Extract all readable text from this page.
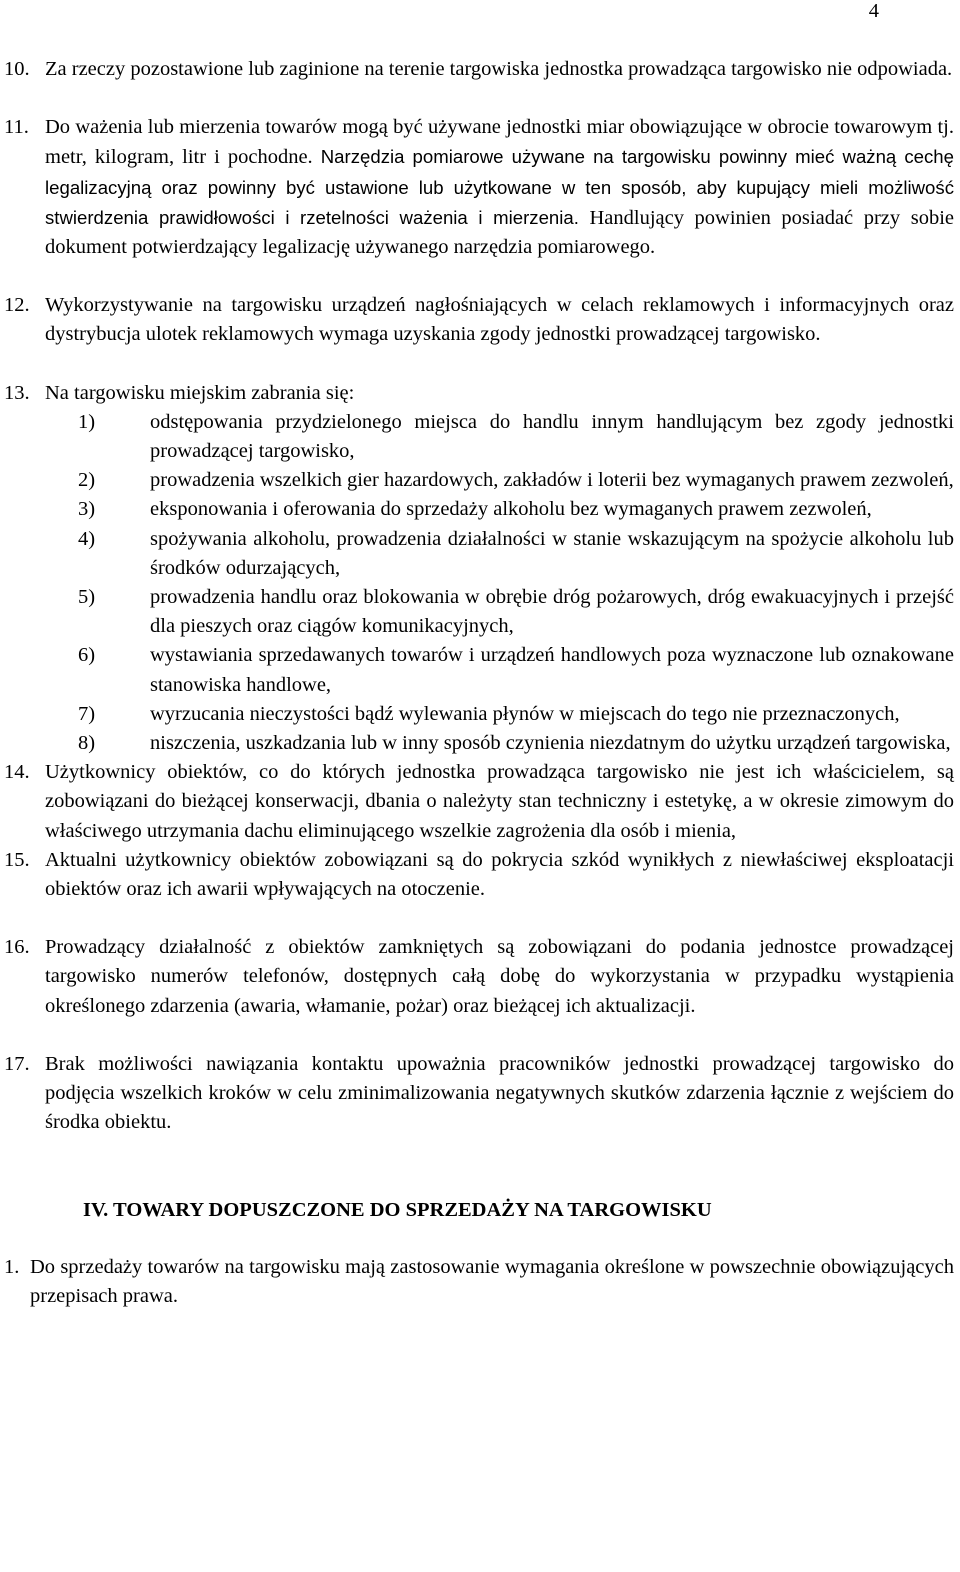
4
10. Za rzeczy pozostawione lub zaginione na terenie targowiska jednostka prowadząca targowisko nie odpowiada.
11. Do ważenia lub mierzenia towarów mogą być używane jednostki miar obowiązujące w obrocie towarowym tj. metr, kilogram, litr i pochodne. Narzędzia pomiarowe używane na targowisku powinny mieć ważną cechę legalizacyjną oraz powinny być ustawione lub użytkowane w ten sposób, aby kupujący mieli możliwość stwierdzenia prawidłowości i rzetelności ważenia i mierzenia. Handlujący powinien posiadać przy sobie dokument potwierdzający legalizację używanego narzędzia pomiarowego.
12. Wykorzystywanie na targowisku urządzeń nagłośniających w celach reklamowych i informacyjnych oraz dystrybucja ulotek reklamowych wymaga uzyskania zgody jednostki prowadzącej targowisko.
13. Na targowisku miejskim zabrania się:
1)	odstępowania przydzielonego miejsca do handlu innym handlującym bez zgody jednostki prowadzącej targowisko,
2)	prowadzenia wszelkich gier hazardowych, zakładów i loterii bez wymaganych prawem zezwoleń,
3)	eksponowania i oferowania do sprzedaży alkoholu bez wymaganych prawem zezwoleń,
4)	spożywania alkoholu, prowadzenia działalności w stanie wskazującym na spożycie alkoholu lub środków odurzających,
5)	prowadzenia handlu oraz blokowania w obrębie dróg pożarowych, dróg ewakuacyjnych i przejść dla pieszych oraz ciągów komunikacyjnych,
6)	wystawiania sprzedawanych towarów i urządzeń handlowych poza wyznaczone lub oznakowane stanowiska handlowe,
7)	wyrzucania nieczystości bądź wylewania płynów w miejscach do tego nie przeznaczonych,
8)	niszczenia, uszkadzania lub w inny sposób czynienia niezdatnym do użytku urządzeń targowiska,
14. Użytkownicy obiektów, co do których jednostka prowadząca targowisko nie jest ich właścicielem, są zobowiązani do bieżącej konserwacji, dbania o należyty stan techniczny i estetykę, a w okresie zimowym do właściwego utrzymania dachu eliminującego wszelkie zagrożenia dla osób i mienia,
15. Aktualni użytkownicy obiektów zobowiązani są do pokrycia szkód wynikłych z niewłaściwej eksploatacji obiektów oraz ich awarii wpływających na otoczenie.
16. Prowadzący działalność z obiektów zamkniętych są zobowiązani do podania jednostce prowadzącej targowisko numerów telefonów, dostępnych całą dobę do wykorzystania w przypadku wystąpienia określonego zdarzenia (awaria, włamanie, pożar) oraz bieżącej ich aktualizacji.
17. Brak możliwości nawiązania kontaktu upoważnia pracowników jednostki prowadzącej targowisko do podjęcia wszelkich kroków w celu zminimalizowania negatywnych skutków zdarzenia łącznie z wejściem do środka obiektu.
IV. TOWARY DOPUSZCZONE DO SPRZEDAŻY NA TARGOWISKU
1. Do sprzedaży towarów na targowisku mają zastosowanie wymagania określone w powszechnie obowiązujących przepisach prawa.
